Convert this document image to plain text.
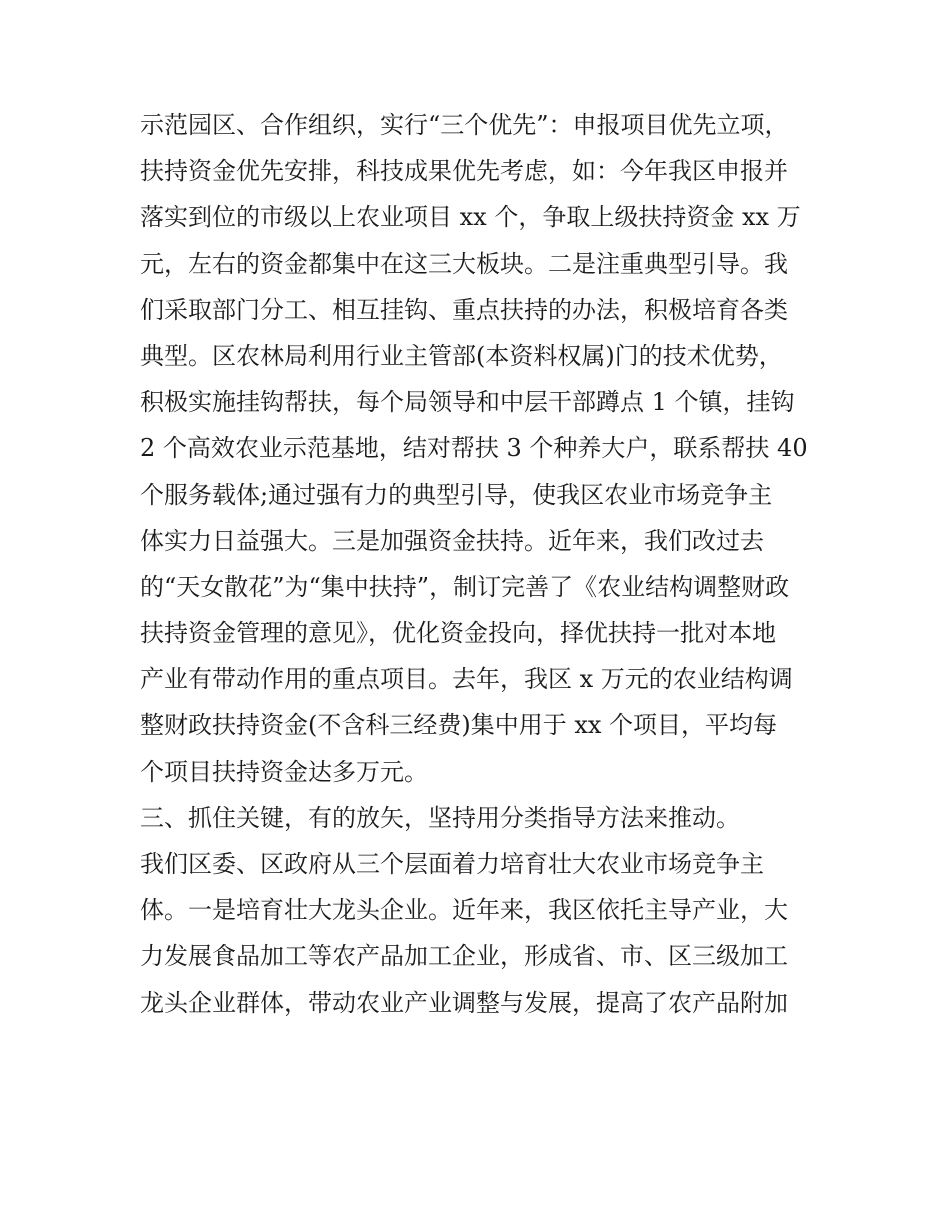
示范园区、合作组织，实行“三个优先”：申报项目优先立项，
扶持资金优先安排，科技成果优先考虑，如：今年我区申报并
落实到位的市级以上农业项目 xx 个，争取上级扶持资金 xx 万
元，左右的资金都集中在这三大板块。二是注重典型引导。我
们采取部门分工、相互挂钩、重点扶持的办法，积极培育各类
典型。区农林局利用行业主管部(本资料权属)门的技术优势，
积极实施挂钩帮扶，每个局领导和中层干部蹲点 1 个镇，挂钩
2 个高效农业示范基地，结对帮扶 3 个种养大户，联系帮扶 40
个服务载体;通过强有力的典型引导，使我区农业市场竞争主
体实力日益强大。三是加强资金扶持。近年来，我们改过去
的“天女散花”为“集中扶持”，制订完善了《农业结构调整财政
扶持资金管理的意见》，优化资金投向，择优扶持一批对本地
产业有带动作用的重点项目。去年，我区 x 万元的农业结构调
整财政扶持资金(不含科三经费)集中用于 xx 个项目，平均每
个项目扶持资金达多万元。
三、抓住关键，有的放矢，坚持用分类指导方法来推动。
我们区委、区政府从三个层面着力培育壮大农业市场竞争主
体。一是培育壮大龙头企业。近年来，我区依托主导产业，大
力发展食品加工等农产品加工企业，形成省、市、区三级加工
龙头企业群体，带动农业产业调整与发展，提高了农产品附加
